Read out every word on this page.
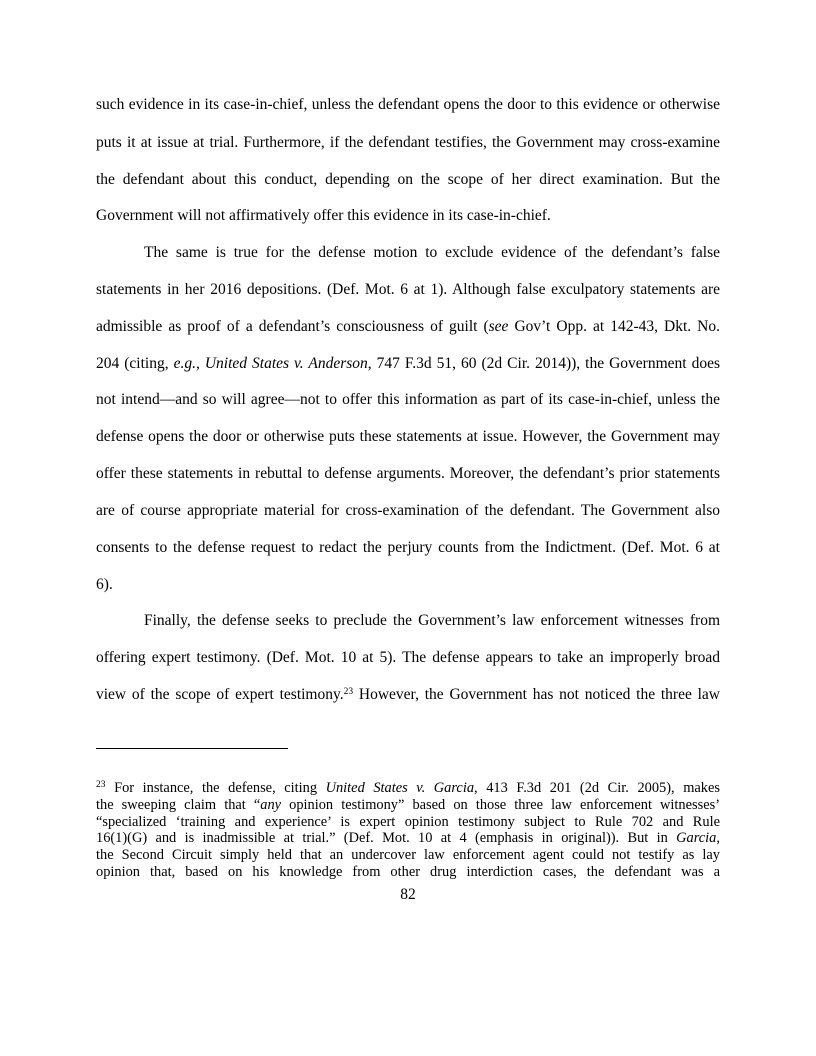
such evidence in its case-in-chief, unless the defendant opens the door to this evidence or otherwise
puts it at issue at trial. Furthermore, if the defendant testifies, the Government may cross-examine
the defendant about this conduct, depending on the scope of her direct examination. But the
Government will not affirmatively offer this evidence in its case-in-chief.
The same is true for the defense motion to exclude evidence of the defendant’s false
statements in her 2016 depositions. (Def. Mot. 6 at 1). Although false exculpatory statements are
admissible as proof of a defendant’s consciousness of guilt (see Gov’t Opp. at 142-43, Dkt. No.
204 (citing, e.g., United States v. Anderson, 747 F.3d 51, 60 (2d Cir. 2014)), the Government does
not intend—and so will agree—not to offer this information as part of its case-in-chief, unless the
defense opens the door or otherwise puts these statements at issue. However, the Government may
offer these statements in rebuttal to defense arguments. Moreover, the defendant’s prior statements
are of course appropriate material for cross-examination of the defendant. The Government also
consents to the defense request to redact the perjury counts from the Indictment. (Def. Mot. 6 at
6).
Finally, the defense seeks to preclude the Government’s law enforcement witnesses from
offering expert testimony. (Def. Mot. 10 at 5). The defense appears to take an improperly broad
view of the scope of expert testimony.$^{23}$ However, the Government has not noticed the three law
$^{23}$ For instance, the defense, citing United States v. Garcia, 413 F.3d 201 (2d Cir. 2005), makes
the sweeping claim that “any opinion testimony” based on those three law enforcement witnesses’
“specialized ‘training and experience’ is expert opinion testimony subject to Rule 702 and Rule
16(1)(G) and is inadmissible at trial.” (Def. Mot. 10 at 4 (emphasis in original)). But in Garcia,
the Second Circuit simply held that an undercover law enforcement agent could not testify as lay
opinion that, based on his knowledge from other drug interdiction cases, the defendant was a
82
